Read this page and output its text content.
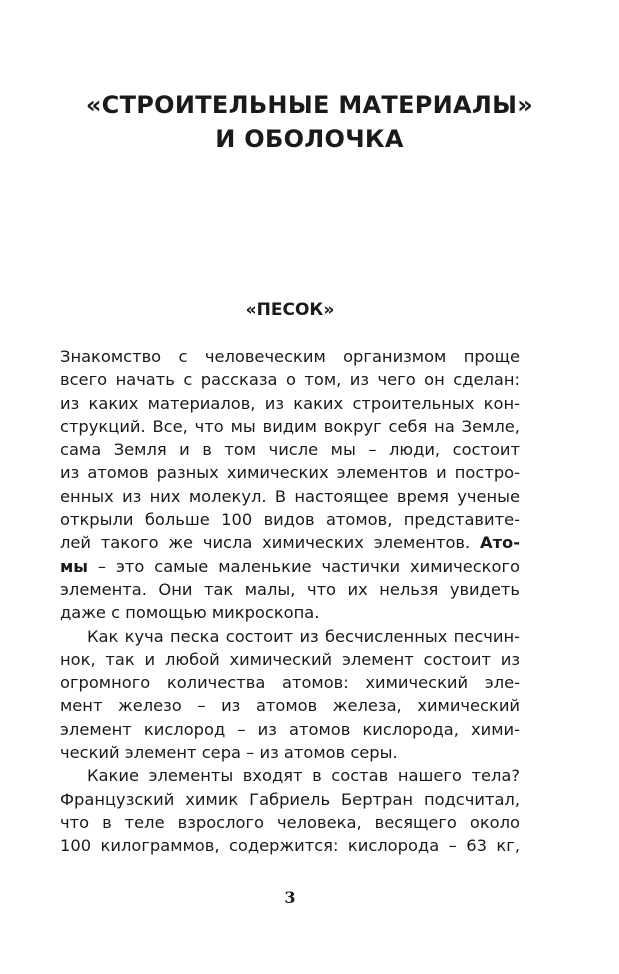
«СТРОИТЕЛЬНЫЕ МАТЕРИАЛЫ»
И ОБОЛОЧКА
«ПЕСОК»
Знакомство с человеческим организмом проще
всего начать с рассказа о том, из чего он сделан:
из каких материалов, из каких строительных кон-
струкций. Все, что мы видим вокруг себя на Земле,
сама Земля и в том числе мы – люди, состоит
из атомов разных химических элементов и постро-
енных из них молекул. В настоящее время ученые
открыли больше 100 видов атомов, представите-
лей такого же числа химических элементов. Ато-
мы – это самые маленькие частички химического
элемента. Они так малы, что их нельзя увидеть
даже с помощью микроскопа.
Как куча песка состоит из бесчисленных песчин-
нок, так и любой химический элемент состоит из
огромного количества атомов: химический эле-
мент железо – из атомов железа, химический
элемент кислород – из атомов кислорода, хими-
ческий элемент сера – из атомов серы.
Какие элементы входят в состав нашего тела?
Французский химик Габриель Бертран подсчитал,
что в теле взрослого человека, весящего около
100 килограммов, содержится: кислорода – 63 кг,
3
